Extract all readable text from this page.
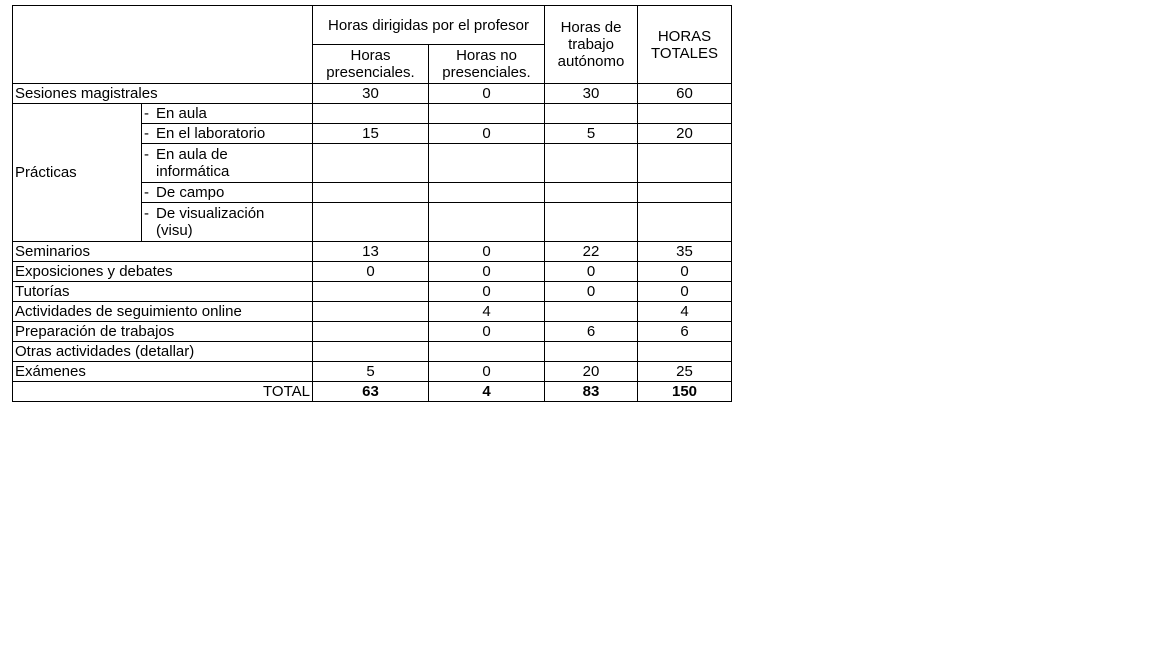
		Horas dirigidas por el profesor		Horas de trabajo autónomo	HORAS TOTALES
		Horas presenciales.	Horas no presenciales.		
Sesiones magistrales		30	0	30	60
Prácticas	- En aula				
	- En el laboratorio	15	0	5	20
	- En aula de informática				
	- De campo				
	- De visualización (visu)				
Seminarios		13	0	22	35
Exposiciones y debates		0	0	0	0
Tutorías			0	0	0
Actividades de seguimiento online			4		4
Preparación de trabajos			0	6	6
Otras actividades (detallar)					
Exámenes		5	0	20	25
TOTAL		63	4	83	150
